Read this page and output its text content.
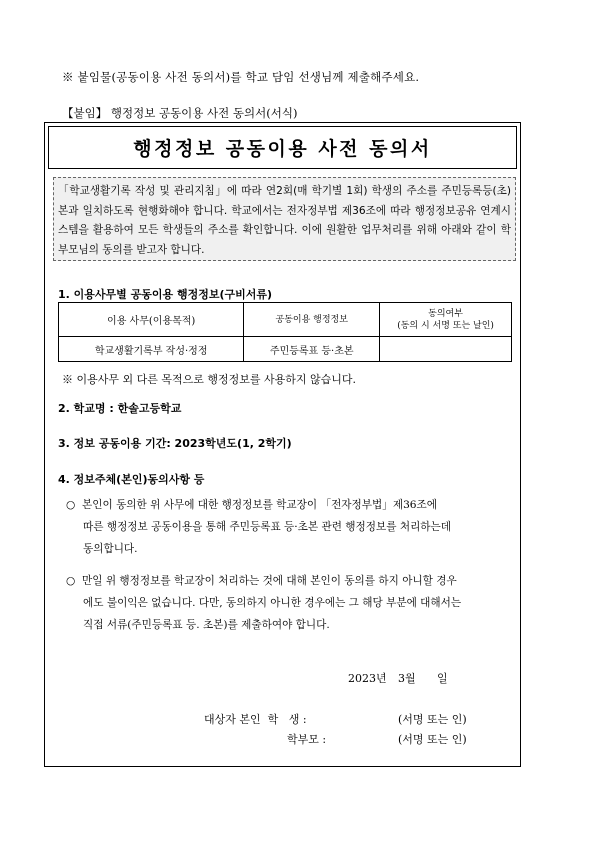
※ 붙임물(공동이용 사전 동의서)를 학교 담임 선생님께 제출해주세요.
【붙임】 행정정보 공동이용 사전 동의서(서식)
행정정보 공동이용 사전 동의서
「학교생활기록 작성 및 관리지침」에 따라 연2회(매 학기별 1회) 학생의 주소를 주민등록등(초)본과 일치하도록 현행화해야 합니다. 학교에서는 전자정부법 제36조에 따라 행정정보공유 연계시스템을 활용하여 모든 학생들의 주소를 확인합니다. 이에 원활한 업무처리를 위해 아래와 같이 학부모님의 동의를 받고자 합니다.
1. 이용사무별 공동이용 행정정보(구비서류)
이용 사무(이용목적)	공동이용 행정정보	동의여부
(동의 시 서명 또는 날인)

학교생활기록부 작성·정정	주민등록표 등·초본	
※ 이용사무 외 다른 목적으로 행정정보를 사용하지 않습니다.
2. 학교명 : 한솔고등학교
3. 정보 공동이용 기간: 2023학년도(1, 2학기)
4. 정보주체(본인)동의사항 등
○ 본인이 동의한 위 사무에 대한 행정정보를 학교장이 「전자정부법」제36조에
따른 행정정보 공동이용을 통해 주민등록표 등·초본 관련 행정정보를 처리하는데
동의합니다.
○ 만일 위 행정정보를 학교장이 처리하는 것에 대해 본인이 동의를 하지 아니할 경우
에도 불이익은 없습니다. 다만, 동의하지 아니한 경우에는 그 해당 부분에 대해서는
직접 서류(주민등록표 등. 초본)를 제출하여야 합니다.
2023년 3월 일
대상자 본인  학   생 :	(서명 또는 인)
학부모 :	(서명 또는 인)
